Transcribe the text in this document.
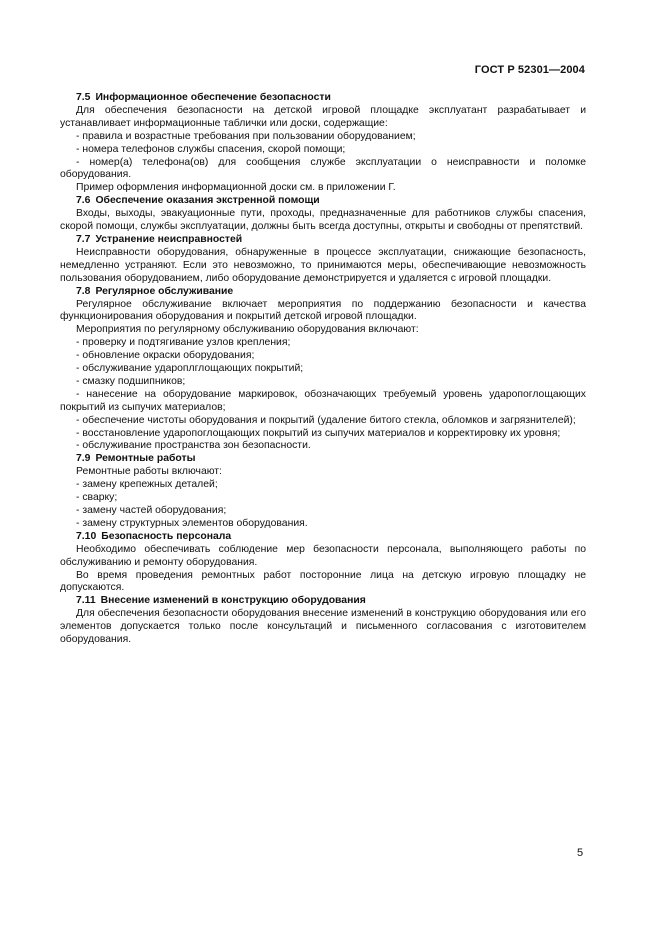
ГОСТ Р 52301—2004
7.5 Информационное обеспечение безопасности

Для обеспечения безопасности на детской игровой площадке эксплуатант разрабатывает и устанавливает информационные таблички или доски, содержащие:

- правила и возрастные требования при пользовании оборудованием;

- номера телефонов службы спасения, скорой помощи;

- номер(а) телефона(ов) для сообщения службе эксплуатации о неисправности и поломке оборудования.

Пример оформления информационной доски см. в приложении Г.

7.6 Обеспечение оказания экстренной помощи

Входы, выходы, эвакуационные пути, проходы, предназначенные для работников службы спасения, скорой помощи, службы эксплуатации, должны быть всегда доступны, открыты и свободны от препятствий.

7.7 Устранение неисправностей

Неисправности оборудования, обнаруженные в процессе эксплуатации, снижающие безопасность, немедленно устраняют. Если это невозможно, то принимаются меры, обеспечивающие невозможность пользования оборудованием, либо оборудование демонстрируется и удаляется с игровой площадки.

7.8 Регулярное обслуживание

Регулярное обслуживание включает мероприятия по поддержанию безопасности и качества функционирования оборудования и покрытий детской игровой площадки.

Мероприятия по регулярному обслуживанию оборудования включают:

- проверку и подтягивание узлов крепления;

- обновление окраски оборудования;

- обслуживание удароплглощающих покрытий;

- смазку подшипников;

- нанесение на оборудование маркировок, обозначающих требуемый уровень ударопоглощающих покрытий из сыпучих материалов;

- обеспечение чистоты оборудования и покрытий (удаление битого стекла, обломков и загрязнителей);

- восстановление ударопоглощающих покрытий из сыпучих материалов и корректировку их уровня;

- обслуживание пространства зон безопасности.

7.9 Ремонтные работы

Ремонтные работы включают:

- замену крепежных деталей;

- сварку;

- замену частей оборудования;

- замену структурных элементов оборудования.

7.10 Безопасность персонала

Необходимо обеспечивать соблюдение мер безопасности персонала, выполняющего работы по обслуживанию и ремонту оборудования.

Во время проведения ремонтных работ посторонние лица на детскую игровую площадку не допускаются.

7.11 Внесение изменений в конструкцию оборудования

Для обеспечения безопасности оборудования внесение изменений в конструкцию оборудования или его элементов допускается только после консультаций и письменного согласования с изготовителем оборудования.

5
